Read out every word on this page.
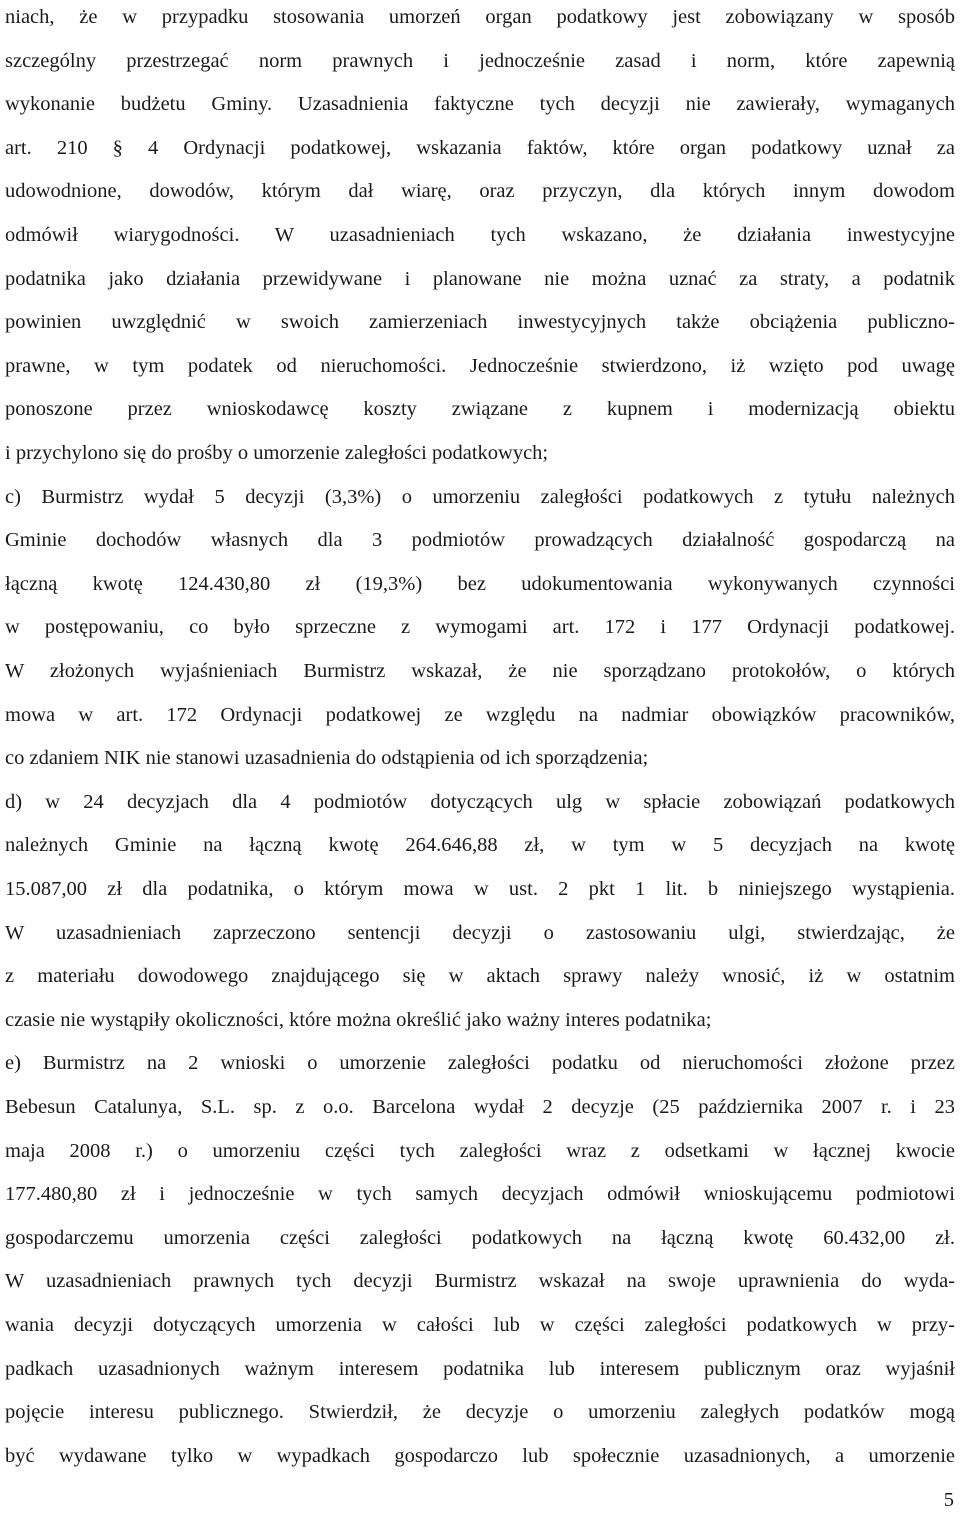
niach, że w przypadku stosowania umorzeń organ podatkowy jest zobowiązany w sposób
szczególny przestrzegać norm prawnych i jednocześnie zasad i norm, które zapewnią
wykonanie budżetu Gminy. Uzasadnienia faktyczne tych decyzji nie zawierały, wymaganych
art. 210 § 4 Ordynacji podatkowej, wskazania faktów, które organ podatkowy uznał za
udowodnione, dowodów, którym dał wiarę, oraz przyczyn, dla których innym dowodom
odmówił wiarygodności. W uzasadnieniach tych wskazano, że działania inwestycyjne
podatnika jako działania przewidywane i planowane nie można uznać za straty, a podatnik
powinien uwzględnić w swoich zamierzeniach inwestycyjnych także obciążenia publiczno-
prawne, w tym podatek od nieruchomości. Jednocześnie stwierdzono, iż wzięto pod uwagę
ponoszone przez wnioskodawcę koszty związane z kupnem i modernizacją obiektu
i przychylono się do prośby o umorzenie zaległości podatkowych;
c) Burmistrz wydał 5 decyzji (3,3%) o umorzeniu zaległości podatkowych z tytułu należnych
Gminie dochodów własnych dla 3 podmiotów prowadzących działalność gospodarczą na
łączną kwotę 124.430,80 zł (19,3%) bez udokumentowania wykonywanych czynności
w postępowaniu, co było sprzeczne z wymogami art. 172 i 177 Ordynacji podatkowej.
W złożonych wyjaśnieniach Burmistrz wskazał, że nie sporządzano protokołów, o których
mowa w art. 172 Ordynacji podatkowej ze względu na nadmiar obowiązków pracowników,
co zdaniem NIK nie stanowi uzasadnienia do odstąpienia od ich sporządzenia;
d) w 24 decyzjach dla 4 podmiotów dotyczących ulg w spłacie zobowiązań podatkowych
należnych Gminie na łączną kwotę 264.646,88 zł, w tym w 5 decyzjach na kwotę
15.087,00 zł dla podatnika, o którym mowa w ust. 2 pkt 1 lit. b niniejszego wystąpienia.
W uzasadnieniach zaprzeczono sentencji decyzji o zastosowaniu ulgi, stwierdzając, że
z materiału dowodowego znajdującego się w aktach sprawy należy wnosić, iż w ostatnim
czasie nie wystąpiły okoliczności, które można określić jako ważny interes podatnika;
e) Burmistrz na 2 wnioski o umorzenie zaległości podatku od nieruchomości złożone przez
Bebesun Catalunya, S.L. sp. z o.o. Barcelona wydał 2 decyzje (25 października 2007 r. i 23
maja 2008 r.) o umorzeniu części tych zaległości wraz z odsetkami w łącznej kwocie
177.480,80 zł i jednocześnie w tych samych decyzjach odmówił wnioskującemu podmiotowi
gospodarczemu umorzenia części zaległości podatkowych na łączną kwotę 60.432,00 zł.
W uzasadnieniach prawnych tych decyzji Burmistrz wskazał na swoje uprawnienia do wyda-
wania decyzji dotyczących umorzenia w całości lub w części zaległości podatkowych w przy-
padkach uzasadnionych ważnym interesem podatnika lub interesem publicznym oraz wyjaśnił
pojęcie interesu publicznego. Stwierdził, że decyzje o umorzeniu zaległych podatków mogą
być wydawane tylko w wypadkach gospodarczo lub społecznie uzasadnionych, a umorzenie
5
